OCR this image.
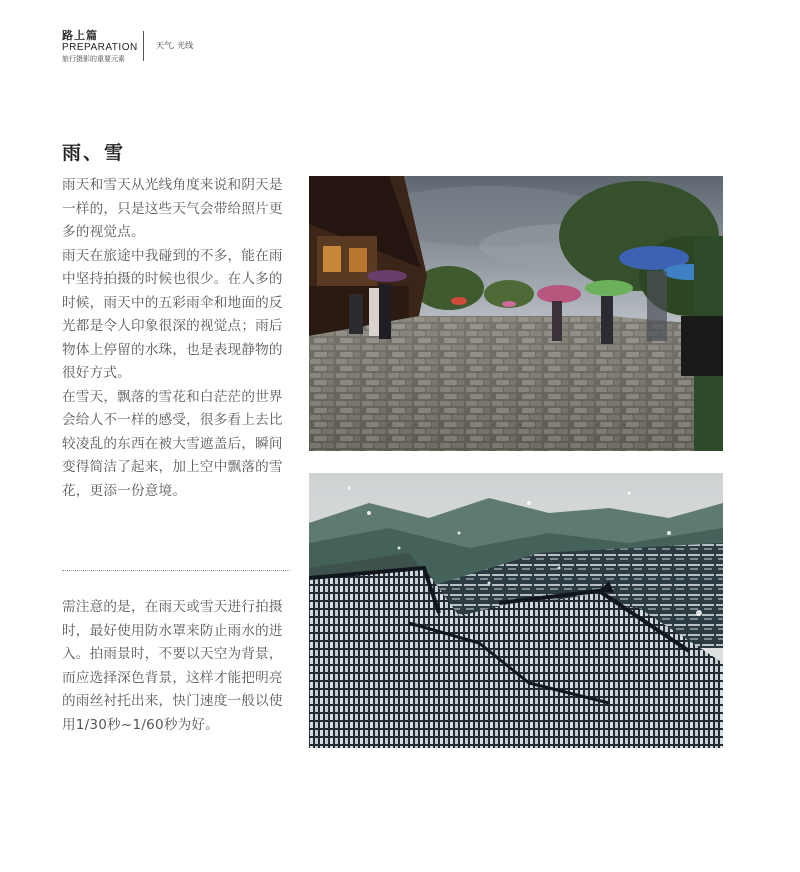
路上篇
PREPARATION
旅行摄影的重要元素
天气, 光线
雨、雪

雨天和雪天从光线角度来说和阴天是一样的，只是这些天气会带给照片更多的视觉点。

雨天在旅途中我碰到的不多，能在雨中坚持拍摄的时候也很少。在人多的时候，雨天中的五彩雨伞和地面的反光都是令人印象很深的视觉点；雨后物体上停留的水珠，也是表现静物的很好方式。

在雪天，飘落的雪花和白茫茫的世界会给人不一样的感受，很多看上去比较凌乱的东西在被大雪遮盖后，瞬间变得简洁了起来，加上空中飘落的雪花，更添一份意境。

需注意的是，在雨天或雪天进行拍摄时，最好使用防水罩来防止雨水的进入。拍雨景时，不要以天空为背景，而应选择深色背景，这样才能把明亮的雨丝衬托出来，快门速度一般以使用1/30秒~1/60秒为好。
